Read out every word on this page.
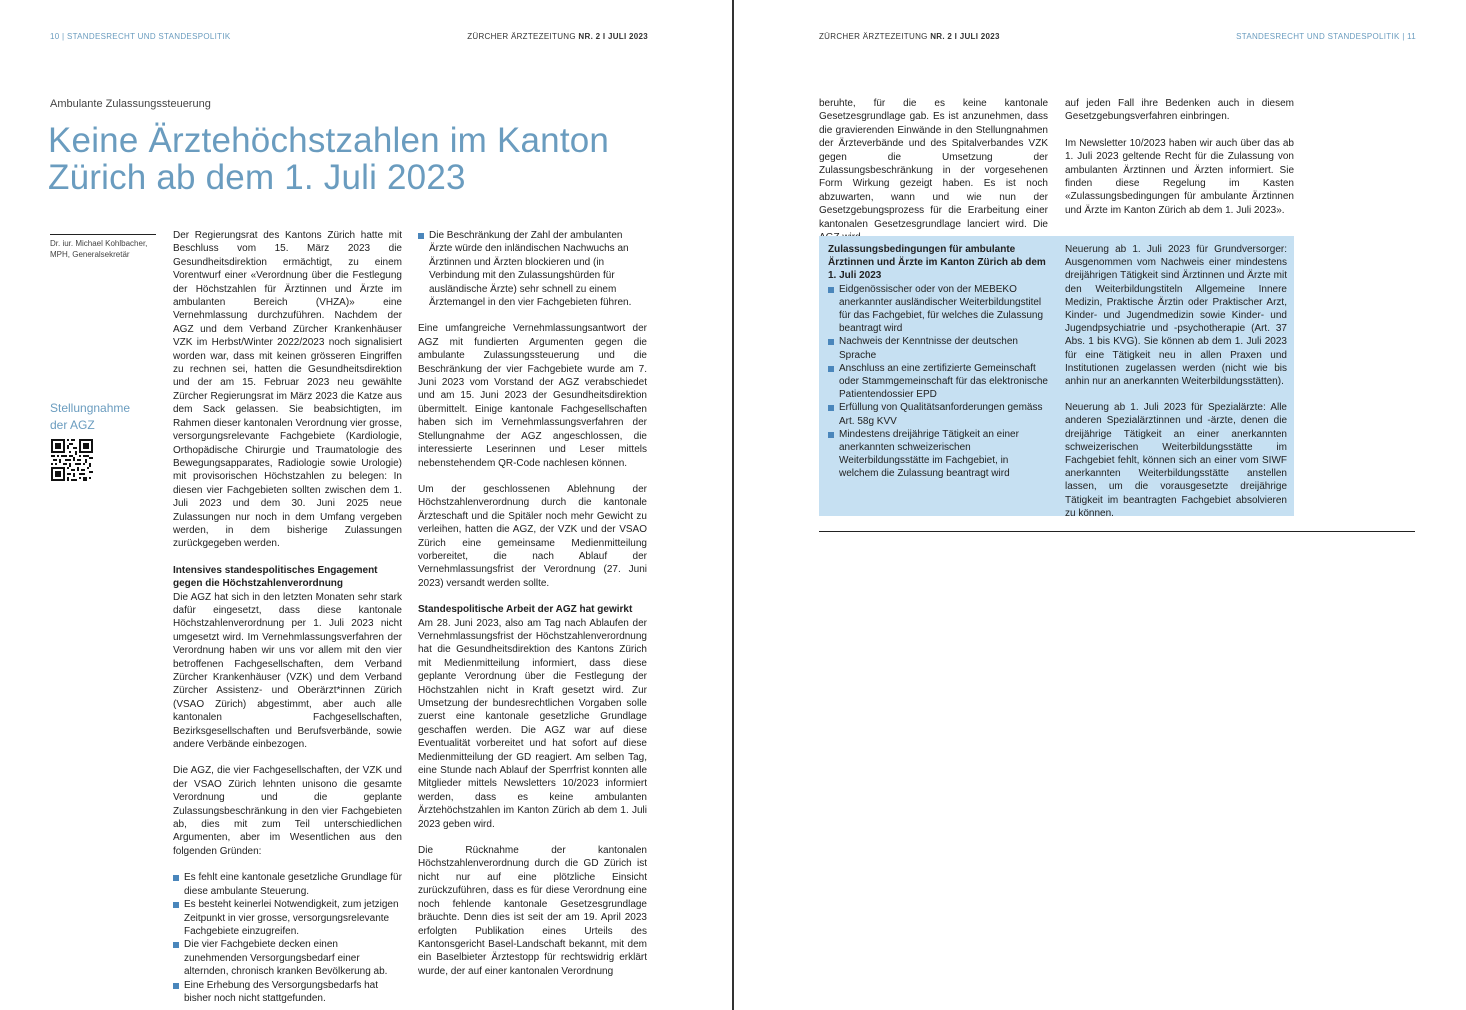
10 | STANDESRECHT UND STANDESPOLITIK	ZÜRCHER ÄRZTEZEITUNG NR. 2 I JULI 2023
Ambulante Zulassungssteuerung
Keine Ärztehöchstzahlen im Kanton Zürich ab dem 1. Juli 2023
Dr. iur. Michael Kohlbacher,
MPH, Generalsekretär
Stellungnahme der AGZ

Der Regierungsrat des Kantons Zürich hatte mit Beschluss vom 15. März 2023 die Gesundheitsdirektion ermächtigt, zu einem Vorentwurf einer «Verordnung über die Festlegung der Höchstzahlen für Ärztinnen und Ärzte im ambulanten Bereich (VHZA)» eine Vernehmlassung durchzuführen. Nachdem der AGZ und dem Verband Zürcher Krankenhäuser VZK im Herbst/Winter 2022/2023 noch signalisiert worden war, dass mit keinen grösseren Eingriffen zu rechnen sei, hatten die Gesundheitsdirektion und der am 15. Februar 2023 neu gewählte Zürcher Regierungsrat im März 2023 die Katze aus dem Sack gelassen. Sie beabsichtigten, im Rahmen dieser kantonalen Verordnung vier grosse, versorgungsrelevante Fachgebiete (Kardiologie, Orthopädische Chirurgie und Traumatologie des Bewegungsapparates, Radiologie sowie Urologie) mit provisorischen Höchstzahlen zu belegen: In diesen vier Fachgebieten sollten zwischen dem 1. Juli 2023 und dem 30. Juni 2025 neue Zulassungen nur noch in dem Umfang vergeben werden, in dem bisherige Zulassungen zurückgegeben werden.

Intensives standespolitisches Engagement gegen die Höchstzahlenverordnung

Die AGZ hat sich in den letzten Monaten sehr stark dafür eingesetzt, dass diese kantonale Höchstzahlenverordnung per 1. Juli 2023 nicht umgesetzt wird. Im Vernehmlassungsverfahren der Verordnung haben wir uns vor allem mit den vier betroffenen Fachgesellschaften, dem Verband Zürcher Krankenhäuser (VZK) und dem Verband Zürcher Assistenz- und Oberärzt*innen Zürich (VSAO Zürich) abgestimmt, aber auch alle kantonalen Fachgesellschaften, Bezirksgesellschaften und Berufsverbände, sowie andere Verbände einbezogen.

Die AGZ, die vier Fachgesellschaften, der VZK und der VSAO Zürich lehnten unisono die gesamte Verordnung und die geplante Zulassungsbeschränkung in den vier Fachgebieten ab, dies mit zum Teil unterschiedlichen Argumenten, aber im Wesentlichen aus den folgenden Gründen:

Es fehlt eine kantonale gesetzliche Grundlage für diese ambulante Steuerung.
Es besteht keinerlei Notwendigkeit, zum jetzigen Zeitpunkt in vier grosse, versorgungsrelevante Fachgebiete einzugreifen.
Die vier Fachgebiete decken einen zunehmenden Versorgungsbedarf einer alternden, chronisch kranken Bevölkerung ab.
Eine Erhebung des Versorgungsbedarfs hat bisher noch nicht stattgefunden.
Die Beschränkung der Zahl der ambulanten Ärzte würde den inländischen Nachwuchs an Ärztinnen und Ärzten blockieren und (in Verbindung mit den Zulassungshürden für ausländische Ärzte) sehr schnell zu einem Ärztemangel in den vier Fachgebieten führen.

Eine umfangreiche Vernehmlassungsantwort der AGZ mit fundierten Argumenten gegen die ambulante Zulassungssteuerung und die Beschränkung der vier Fachgebiete wurde am 7. Juni 2023 vom Vorstand der AGZ verabschiedet und am 15. Juni 2023 der Gesundheitsdirektion übermittelt. Einige kantonale Fachgesellschaften haben sich im Vernehmlassungsverfahren der Stellungnahme der AGZ angeschlossen, die interessierte Leserinnen und Leser mittels nebenstehendem QR-Code nachlesen können.

Um der geschlossenen Ablehnung der Höchstzahlenverordnung durch die kantonale Ärzteschaft und die Spitäler noch mehr Gewicht zu verleihen, hatten die AGZ, der VZK und der VSAO Zürich eine gemeinsame Medienmitteilung vorbereitet, die nach Ablauf der Vernehmlassungsfrist der Verordnung (27. Juni 2023) versandt werden sollte.

Standespolitische Arbeit der AGZ hat gewirkt

Am 28. Juni 2023, also am Tag nach Ablaufen der Vernehmlassungsfrist der Höchstzahlenverordnung hat die Gesundheitsdirektion des Kantons Zürich mit Medienmitteilung informiert, dass diese geplante Verordnung über die Festlegung der Höchstzahlen nicht in Kraft gesetzt wird. Zur Umsetzung der bundesrechtlichen Vorgaben solle zuerst eine kantonale gesetzliche Grundlage geschaffen werden. Die AGZ war auf diese Eventualität vorbereitet und hat sofort auf diese Medienmitteilung der GD reagiert. Am selben Tag, eine Stunde nach Ablauf der Sperrfrist konnten alle Mitglieder mittels Newsletters 10/2023 informiert werden, dass es keine ambulanten Ärztehöchstzahlen im Kanton Zürich ab dem 1. Juli 2023 geben wird.

Die Rücknahme der kantonalen Höchstzahlenverordnung durch die GD Zürich ist nicht nur auf eine plötzliche Einsicht zurückzuführen, dass es für diese Verordnung eine noch fehlende kantonale Gesetzesgrundlage bräuchte. Denn dies ist seit der am 19. April 2023 erfolgten Publikation eines Urteils des Kantonsgericht Basel-Landschaft bekannt, mit dem ein Baselbieter Ärztestopp für rechtswidrig erklärt wurde, der auf einer kantonalen Verordnung

ZÜRCHER ÄRZTEZEITUNG NR. 2 I JULI 2023	STANDESRECHT UND STANDESPOLITIK | 11

beruhte, für die es keine kantonale Gesetzesgrundlage gab. Es ist anzunehmen, dass die gravierenden Einwände in den Stellungnahmen der Ärzteverbände und des Spitalverbandes VZK gegen die Umsetzung der Zulassungsbeschränkung in der vorgesehenen Form Wirkung gezeigt haben. Es ist noch abzuwarten, wann und wie nun der Gesetzgebungsprozess für die Erarbeitung einer kantonalen Gesetzesgrundlage lanciert wird. Die

auf jeden Fall ihre Bedenken auch in diesem Gesetzgebungsverfahren einbringen.

Im Newsletter 10/2023 haben wir auch über das ab 1. Juli 2023 geltende Recht für die Zulassung von ambulanten Ärztinnen und Ärzten informiert. Sie finden diese Regelung im Kasten «Zulassungsbedingungen für ambulante Ärztinnen und Ärzte im Kanton Zürich ab dem 1. Juli 2023».

Zulassungsbedingungen für ambulante Ärztinnen und Ärzte im Kanton Zürich ab dem 1. Juli 2023
Eidgenössischer oder von der MEBEKO anerkannter ausländischer Weiterbildungstitel für das Fachgebiet, für welches die Zulassung beantragt wird
Nachweis der Kenntnisse der deutschen Sprache
Anschluss an eine zertifizierte Gemeinschaft oder Stammgemeinschaft für das elektronische Patientendossier EPD
Erfüllung von Qualitätsanforderungen gemäss Art. 58g KVV
Mindestens dreijährige Tätigkeit an einer anerkannten schweizerischen Weiterbildungsstätte im Fachgebiet, in welchem die Zulassung beantragt wird

Neuerung ab 1. Juli 2023 für Grundversorger: Ausgenommen vom Nachweis einer mindestens dreijährigen Tätigkeit sind Ärztinnen und Ärzte mit den Weiterbildungstiteln Allgemeine Innere Medizin, Praktische Ärztin oder Praktischer Arzt, Kinder- und Jugendmedizin sowie Kinder- und Jugendpsychiatrie und -psychotherapie (Art. 37 Abs. 1 bis KVG). Sie können ab dem 1. Juli 2023 für eine Tätigkeit neu in allen Praxen und Institutionen zugelassen werden (nicht wie bis anhin nur an anerkannten Weiterbildungsstätten).

Neuerung ab 1. Juli 2023 für Spezialärzte: Alle anderen Spezialärztinnen und -ärzte, denen die dreijährige Tätigkeit an einer anerkannten schweizerischen Weiterbildungsstätte im Fachgebiet fehlt, können sich an einer vom SIWF anerkannten Weiterbildungsstätte anstellen lassen, um die vorausgesetzte dreijährige Tätigkeit im beantragten Fachgebiet absolvieren zu können.
